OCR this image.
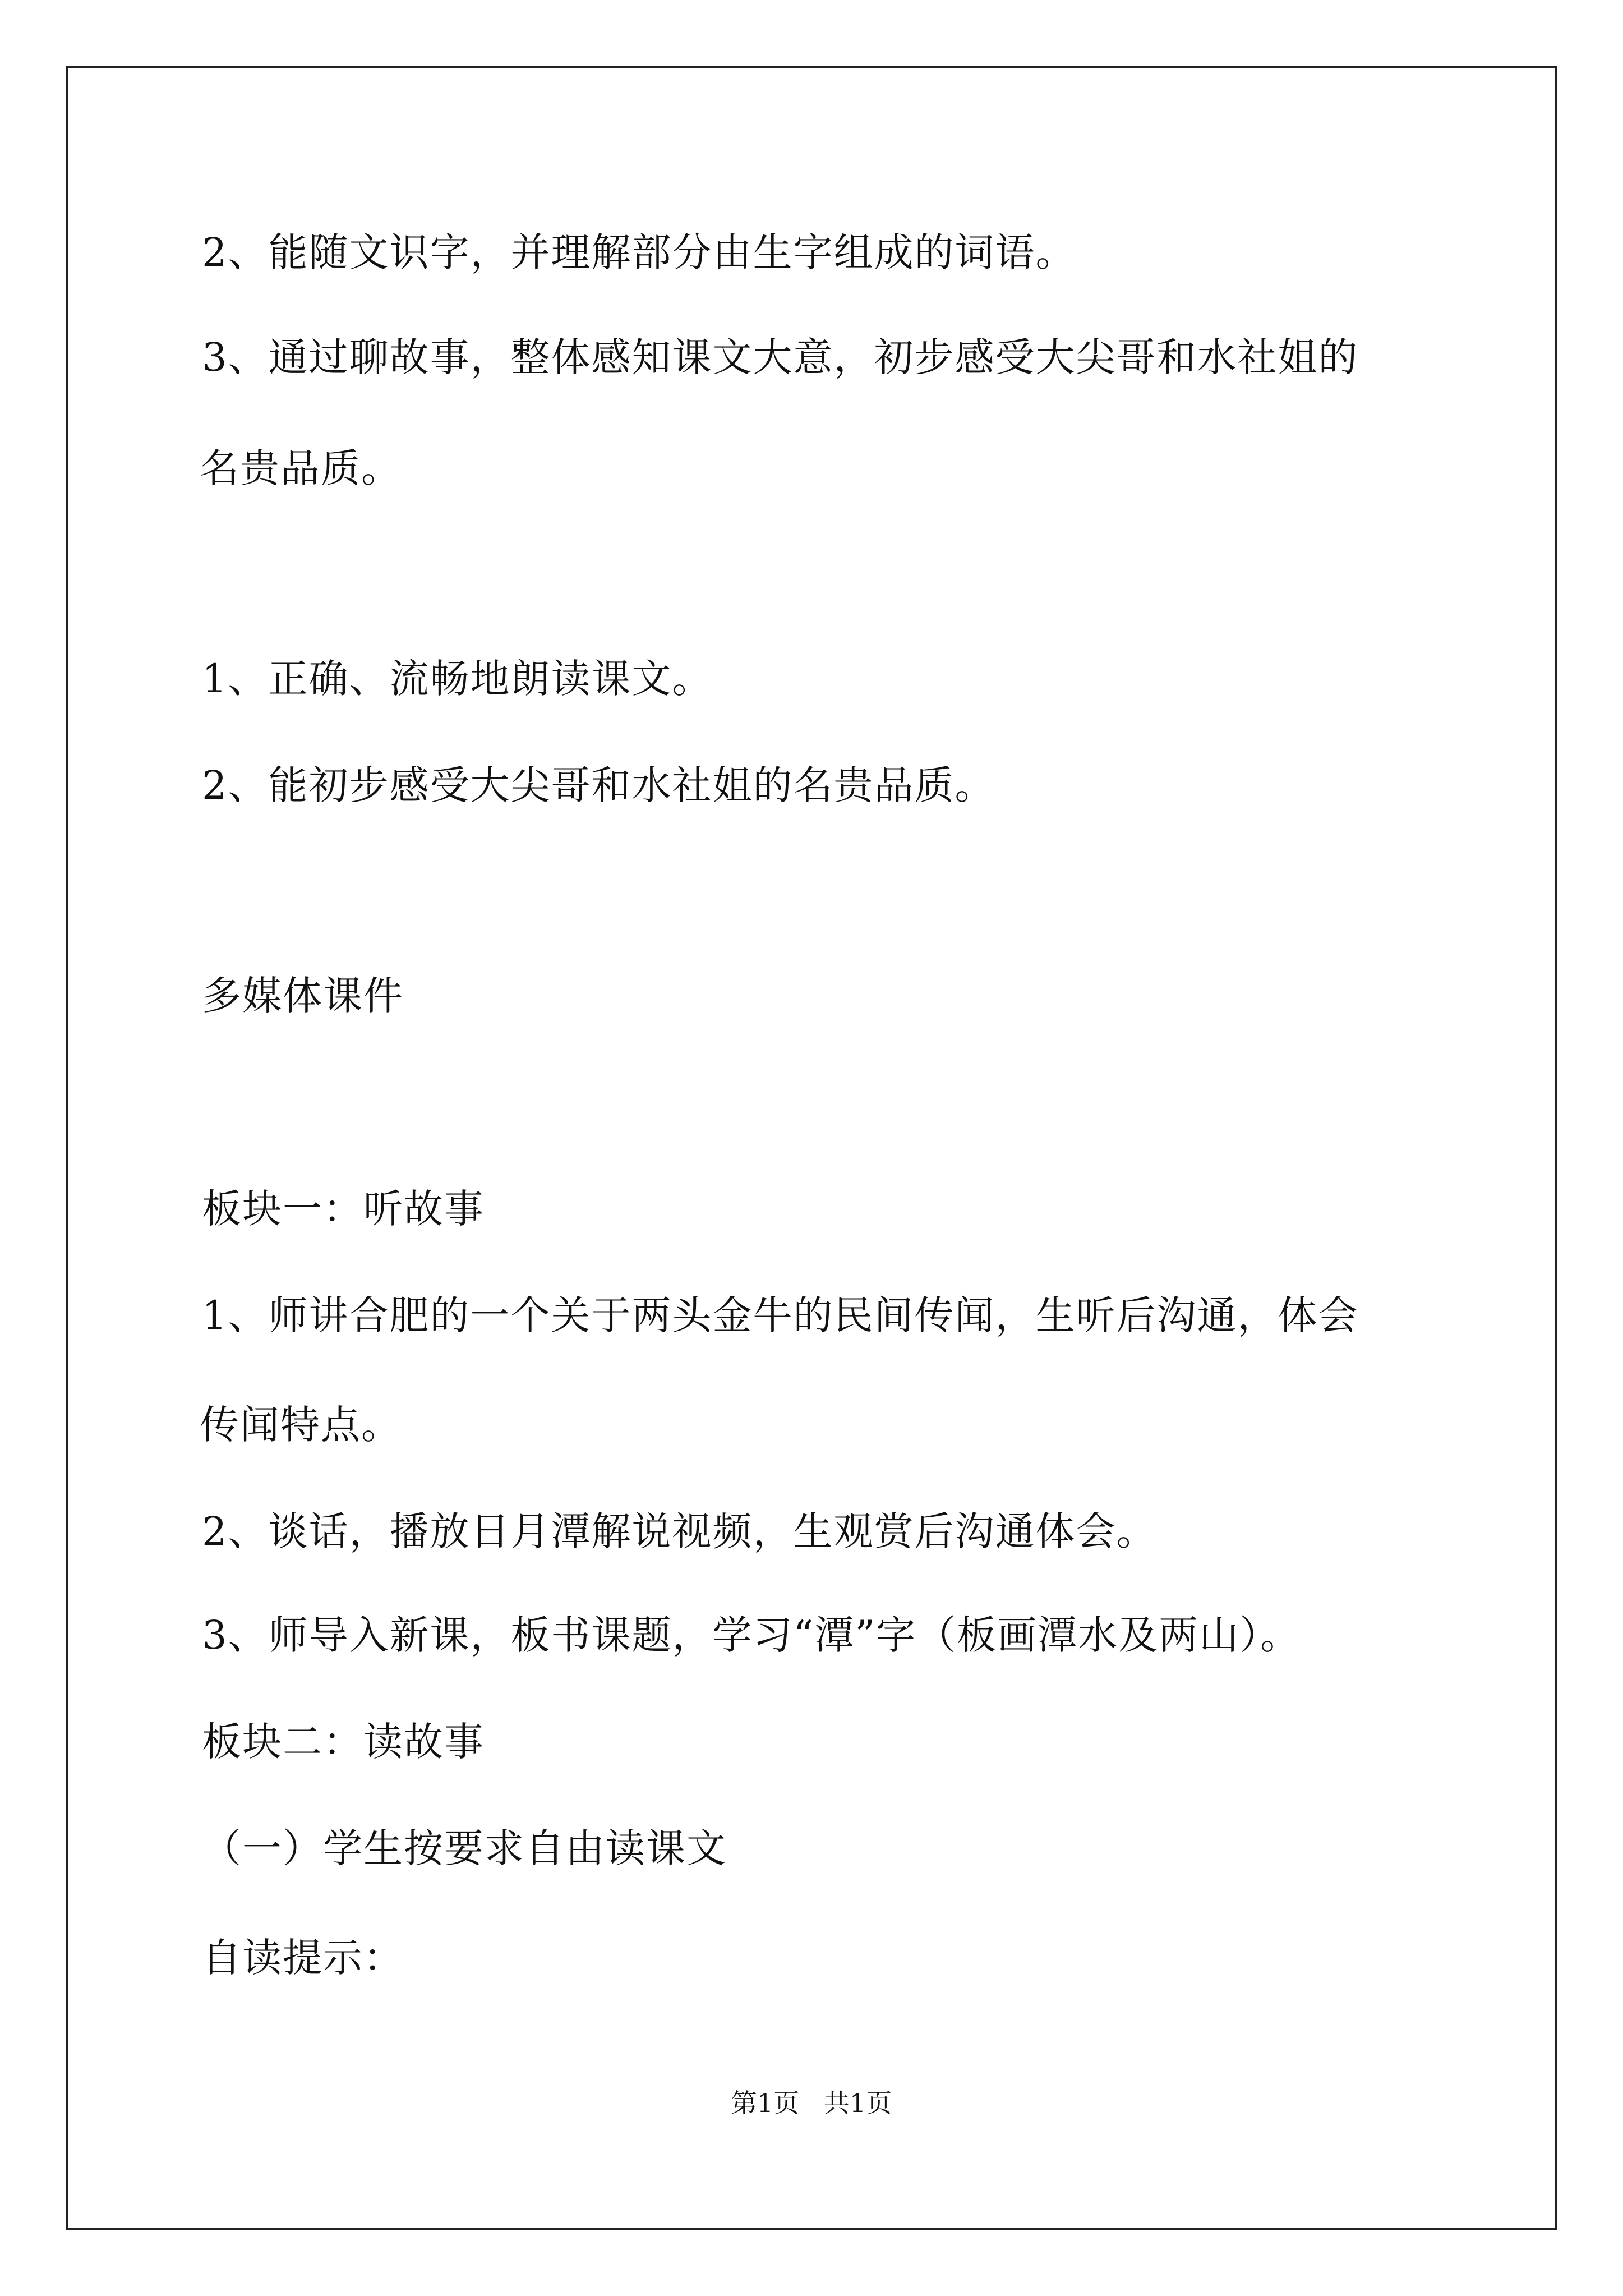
2、能随文识字，并理解部分由生字组成的词语。
3、通过聊故事，整体感知课文大意，初步感受大尖哥和水社姐的
名贵品质。
1、正确、流畅地朗读课文。
2、能初步感受大尖哥和水社姐的名贵品质。
多媒体课件
板块一：听故事
1、师讲合肥的一个关于两头金牛的民间传闻，生听后沟通，体会
传闻特点。
2、谈话，播放日月潭解说视频，生观赏后沟通体会。
3、师导入新课，板书课题，学习“潭”字（板画潭水及两山）。
板块二：读故事
（一）学生按要求自由读课文
自读提示：
第1页   共1页
